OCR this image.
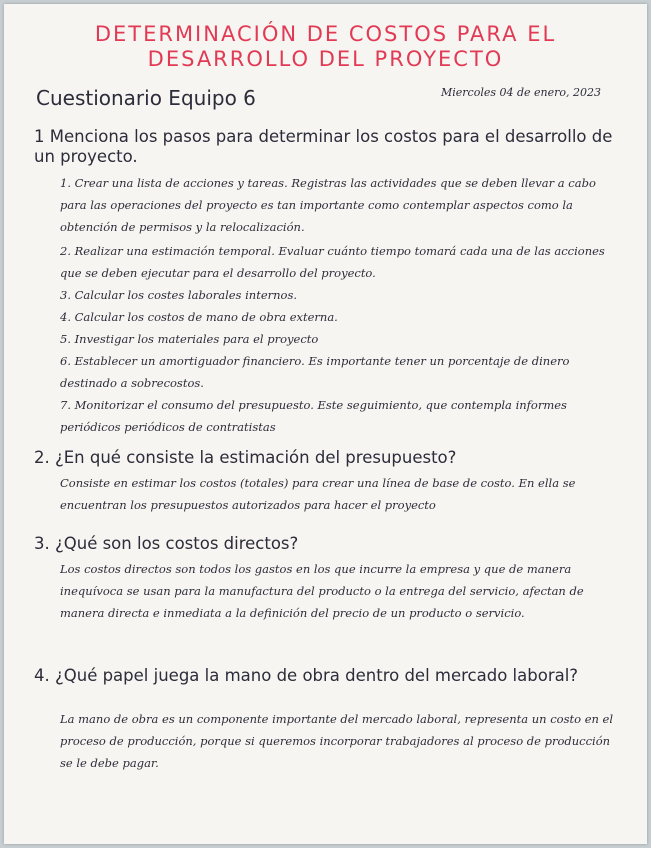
DETERMINACIÓN DE COSTOS PARA EL
DESARROLLO DEL PROYECTO
Cuestionario Equipo 6	Miercoles 04 de enero, 2023
1 Menciona los pasos para determinar los costos para el desarrollo de un proyecto.
1. Crear una lista de acciones y tareas. Registras las actividades que se deben llevar a cabo para las operaciones del proyecto es tan importante como contemplar aspectos como la obtención de permisos y la relocalización.
2. Realizar una estimación temporal. Evaluar cuánto tiempo tomará cada una de las acciones que se deben ejecutar para el desarrollo del proyecto.
3. Calcular los costes laborales internos.
4. Calcular los costos de mano de obra externa.
5. Investigar los materiales para el proyecto
6. Establecer un amortiguador financiero. Es importante tener un porcentaje de dinero destinado a sobrecostos.
7. Monitorizar el consumo del presupuesto. Este seguimiento, que contempla informes periódicos periódicos de contratistas
2. ¿En qué consiste la estimación del presupuesto?
Consiste en estimar los costos (totales) para crear una línea de base de costo. En ella se encuentran los presupuestos autorizados para hacer el proyecto
3. ¿Qué son los costos directos?
Los costos directos son todos los gastos en los que incurre la empresa y que de manera inequívoca se usan para la manufactura del producto o la entrega del servicio, afectan de manera directa e inmediata a la definición del precio de un producto o servicio.
4. ¿Qué papel juega la mano de obra dentro del mercado laboral?
La mano de obra es un componente importante del mercado laboral, representa un costo en el proceso de producción, porque si queremos incorporar trabajadores al proceso de producción se le debe pagar.
